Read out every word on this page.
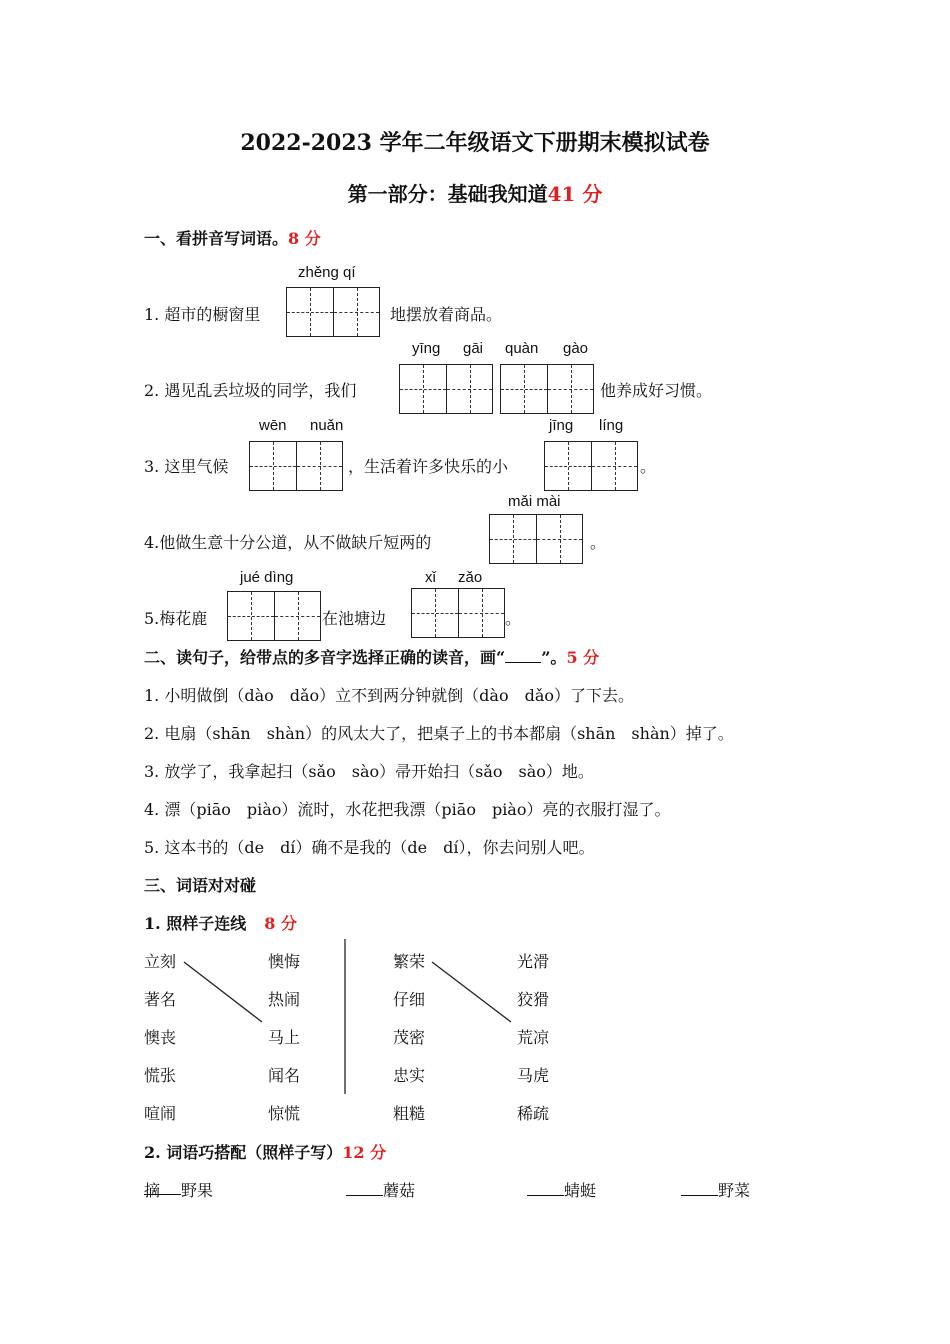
2022-2023 学年二年级语文下册期末模拟试卷
第一部分：基础我知道41 分
一、看拼音写词语。8 分
zhěng qí
1. 超市的橱窗里	地摆放着商品。
yīng gāi quàn gào
2. 遇见乱丢垃圾的同学，我们	他养成好习惯。
wēn nuǎn	jīng líng
3. 这里气候	，生活着许多快乐的小	。
mǎi mài
4.他做生意十分公道，从不做缺斤短两的	。
jué dìng	xǐ zǎo
5.梅花鹿	在池塘边	。
二、读句子，给带点的多音字选择正确的读音，画“ ”。5 分
1. 小明做倒（dào　dǎo）立不到两分钟就倒（dào　dǎo）了下去。
2. 电扇（shān　shàn）的风太大了，把桌子上的书本都扇（shān　shàn）掉了。
3. 放学了，我拿起扫（sǎo　sào）帚开始扫（sǎo　sào）地。
4. 漂（piāo　piào）流时，水花把我漂（piāo　piào）亮的衣服打湿了。
5. 这本书的（de　dí）确不是我的（de　dí），你去问别人吧。
三、词语对对碰
1. 照样子连线 8 分
立刻
著名
懊丧
慌张
喧闹
懊悔
热闹
马上
闻名
惊慌
繁荣
仔细
茂密
忠实
粗糙
光滑
狡猾
荒凉
马虎
稀疏
2. 词语巧搭配（照样子写）12 分
摘 野果	蘑菇	蜻蜓	野菜
